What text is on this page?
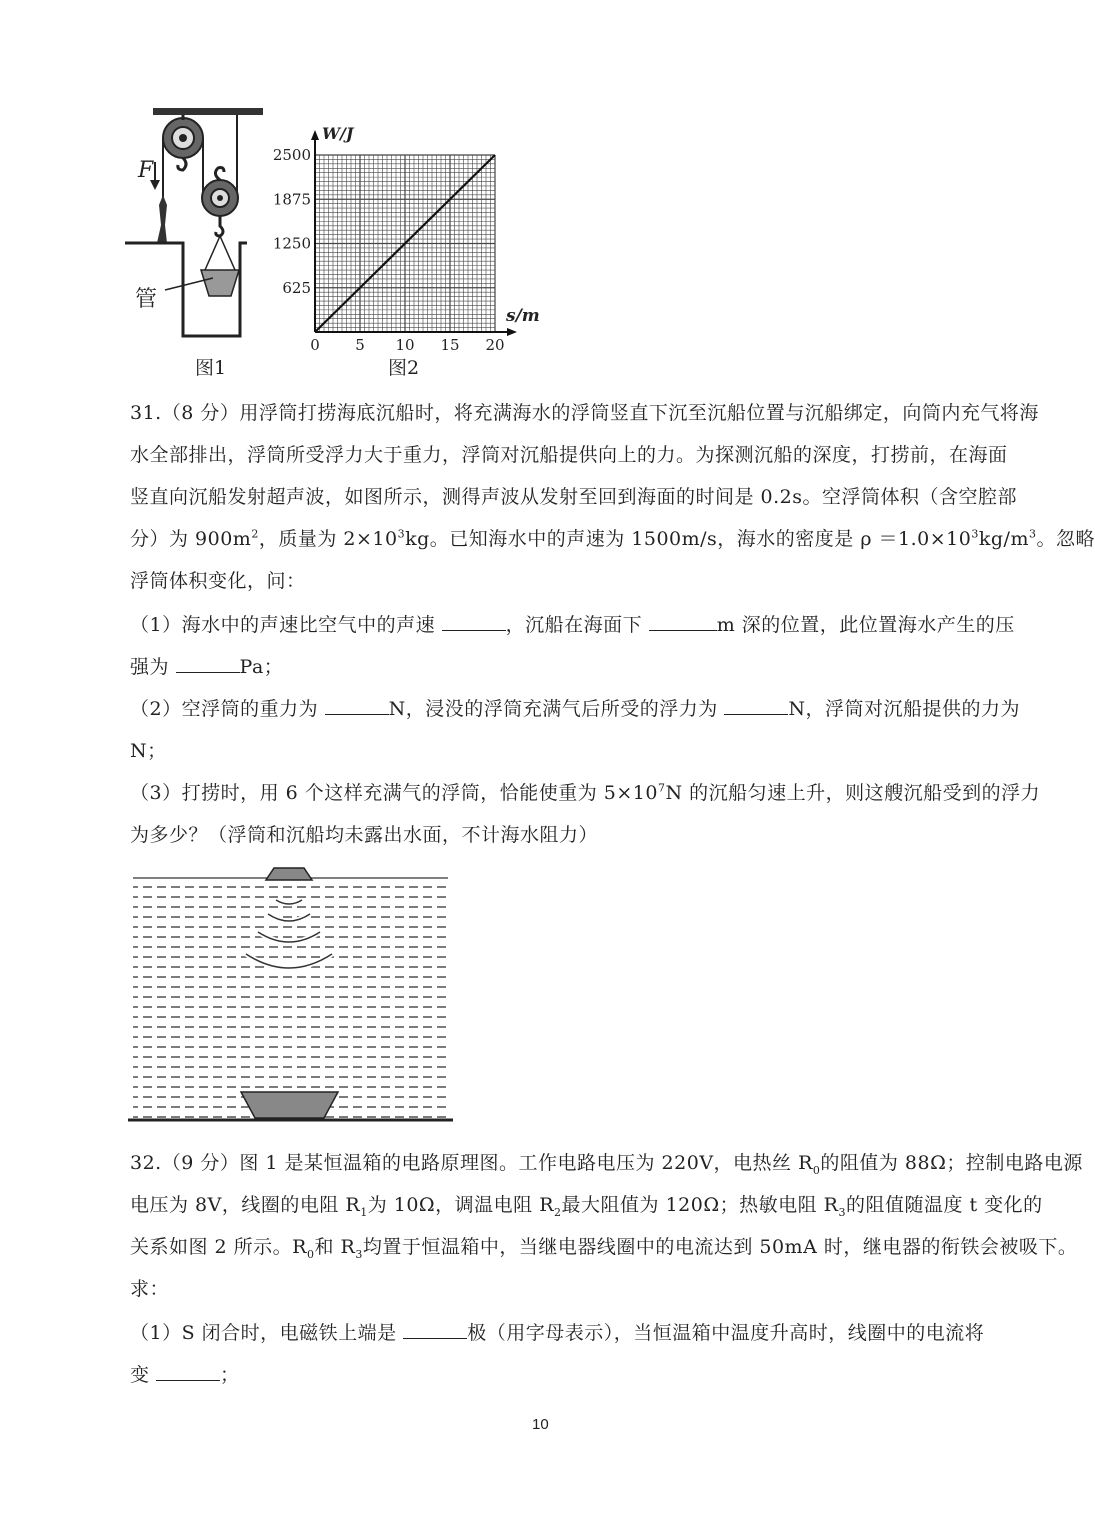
F
管
图1
0 5 10 15 20
625
1250
1875
2500
W/J
s/m
图2
31.（8 分）用浮筒打捞海底沉船时，将充满海水的浮筒竖直下沉至沉船位置与沉船绑定，向筒内充气将海
水全部排出，浮筒所受浮力大于重力，浮筒对沉船提供向上的力。为探测沉船的深度，打捞前，在海面
竖直向沉船发射超声波，如图所示，测得声波从发射至回到海面的时间是 0.2s。空浮筒体积（含空腔部
分）为 $900m^2$，质量为 $2\times 10^3kg$。已知海水中的声速为 1500m/s，海水的密度是 $\rho =1.0\times 10^3kg/m^3$。忽略
浮筒体积变化，问：
（1）海水中的声速比空气中的声速	，沉船在海面下	m 深的位置，此位置海水产生的压
强为	Pa；
（2）空浮筒的重力为	N，浸没的浮筒充满气后所受的浮力为	N，浮筒对沉船提供的力为
N；
（3）打捞时，用 6 个这样充满气的浮筒，恰能使重为 $5\times 10^7N$ 的沉船匀速上升，则这艘沉船受到的浮力
为多少？（浮筒和沉船均未露出水面，不计海水阻力）
32.（9 分）图 1 是某恒温箱的电路原理图。工作电路电压为 220V，电热丝 $R_0$的阻值为 88Ω；控制电路电源
电压为 8V，线圈的电阻 $R_1$为 10Ω，调温电阻 $R_2$最大阻值为 120Ω；热敏电阻 $R_3$的阻值随温度 t 变化的
关系如图 2 所示。$R_0$和 $R_3$均置于恒温箱中，当继电器线圈中的电流达到 50mA 时，继电器的衔铁会被吸下。
求：
（1）S 闭合时，电磁铁上端是	极（用字母表示），当恒温箱中温度升高时，线圈中的电流将
变	；
10
